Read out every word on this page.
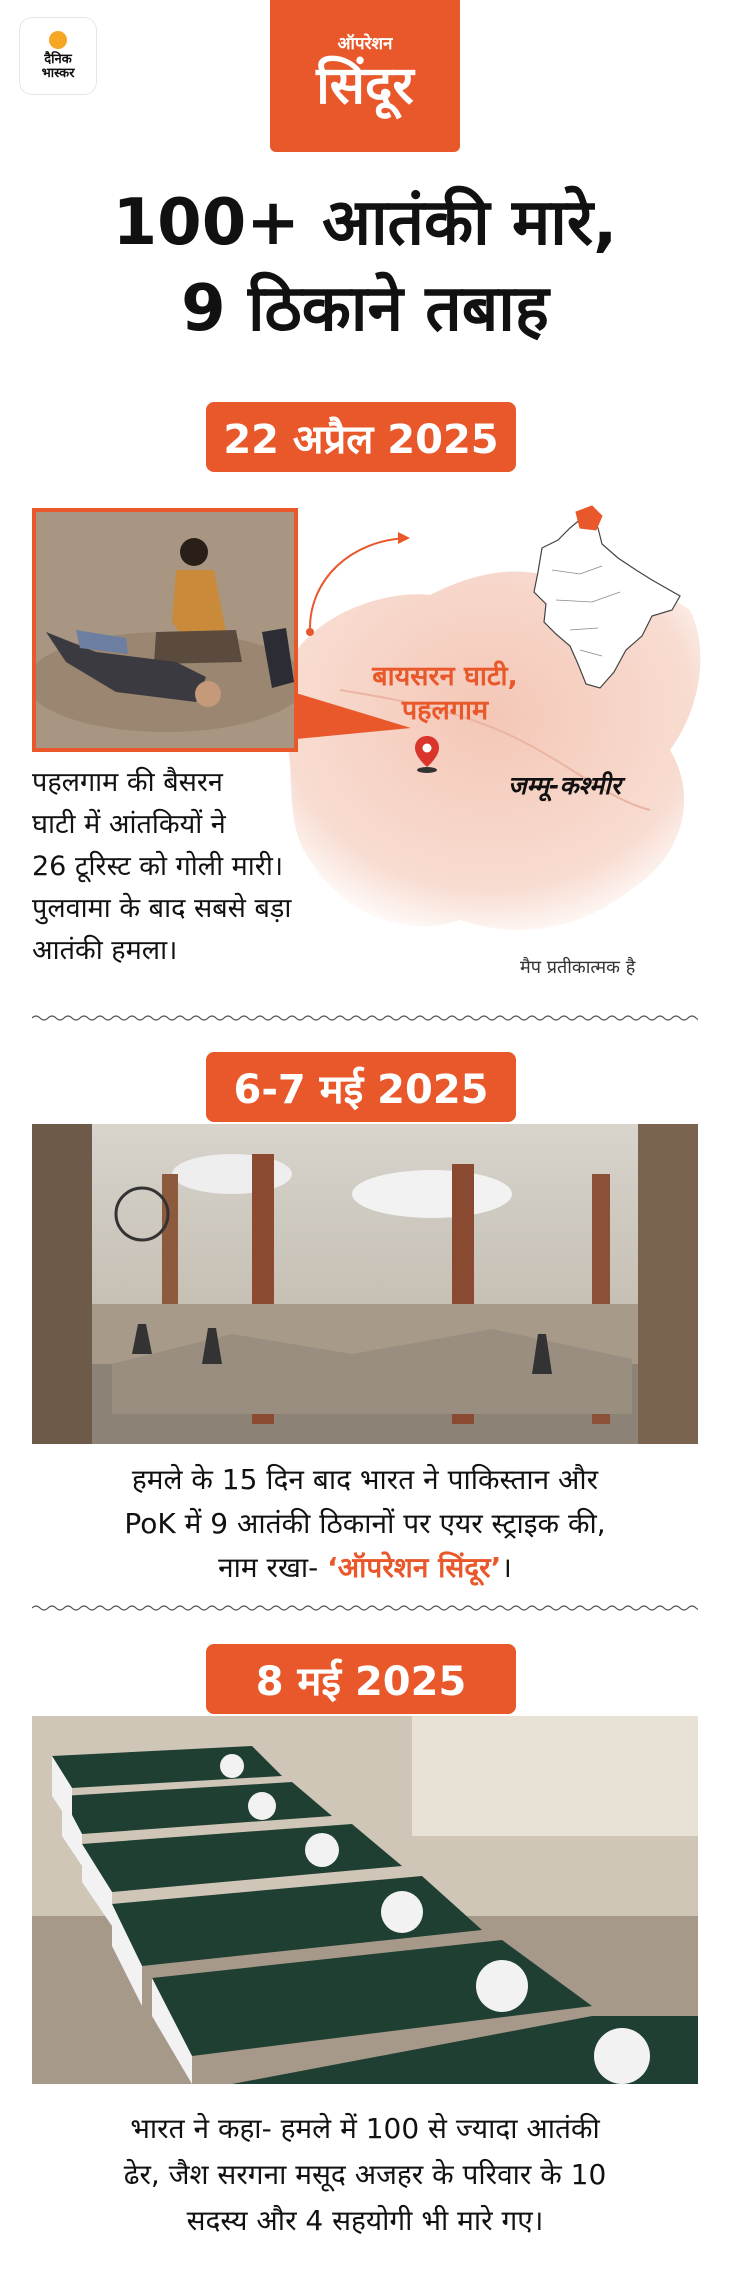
दैनिक
भास्कर
ऑपरेशन
सिंदूर
100+ आतंकी मारे,
9 ठिकाने तबाह
22 अप्रैल 2025
बायसरन घाटी,
पहलगाम
जम्मू-कश्मीर
मैप प्रतीकात्मक है
पहलगाम की बैसरन
घाटी में आंतकियों ने
26 टूरिस्ट को गोली मारी।
पुलवामा के बाद सबसे बड़ा
आतंकी हमला।
6-7 मई 2025
हमले के 15 दिन बाद भारत ने पाकिस्तान और
PoK में 9 आतंकी ठिकानों पर एयर स्ट्राइक की,
नाम रखा- ‘ऑपरेशन सिंदूर’।
8 मई 2025
भारत ने कहा- हमले में 100 से ज्यादा आतंकी
ढेर, जैश सरगना मसूद अजहर के परिवार के 10
सदस्य और 4 सहयोगी भी मारे गए।
